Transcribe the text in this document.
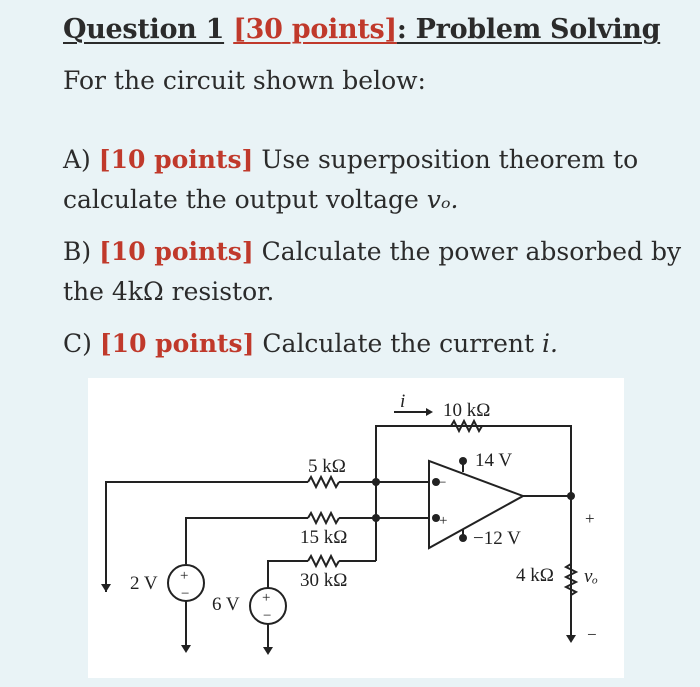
Question 1 [30 points]: Problem Solving
For the circuit shown below:
A) [10 points] Use superposition theorem to calculate the output voltage vₒ.
B) [10 points] Calculate the power absorbed by the 4kΩ resistor.
C) [10 points] Calculate the current i.
i 10 kΩ
5 kΩ
15 kΩ
30 kΩ
14 V
−12 V
2 V
6 V
4 kΩ vₒ
+
−
+
−	+
−
−
+
